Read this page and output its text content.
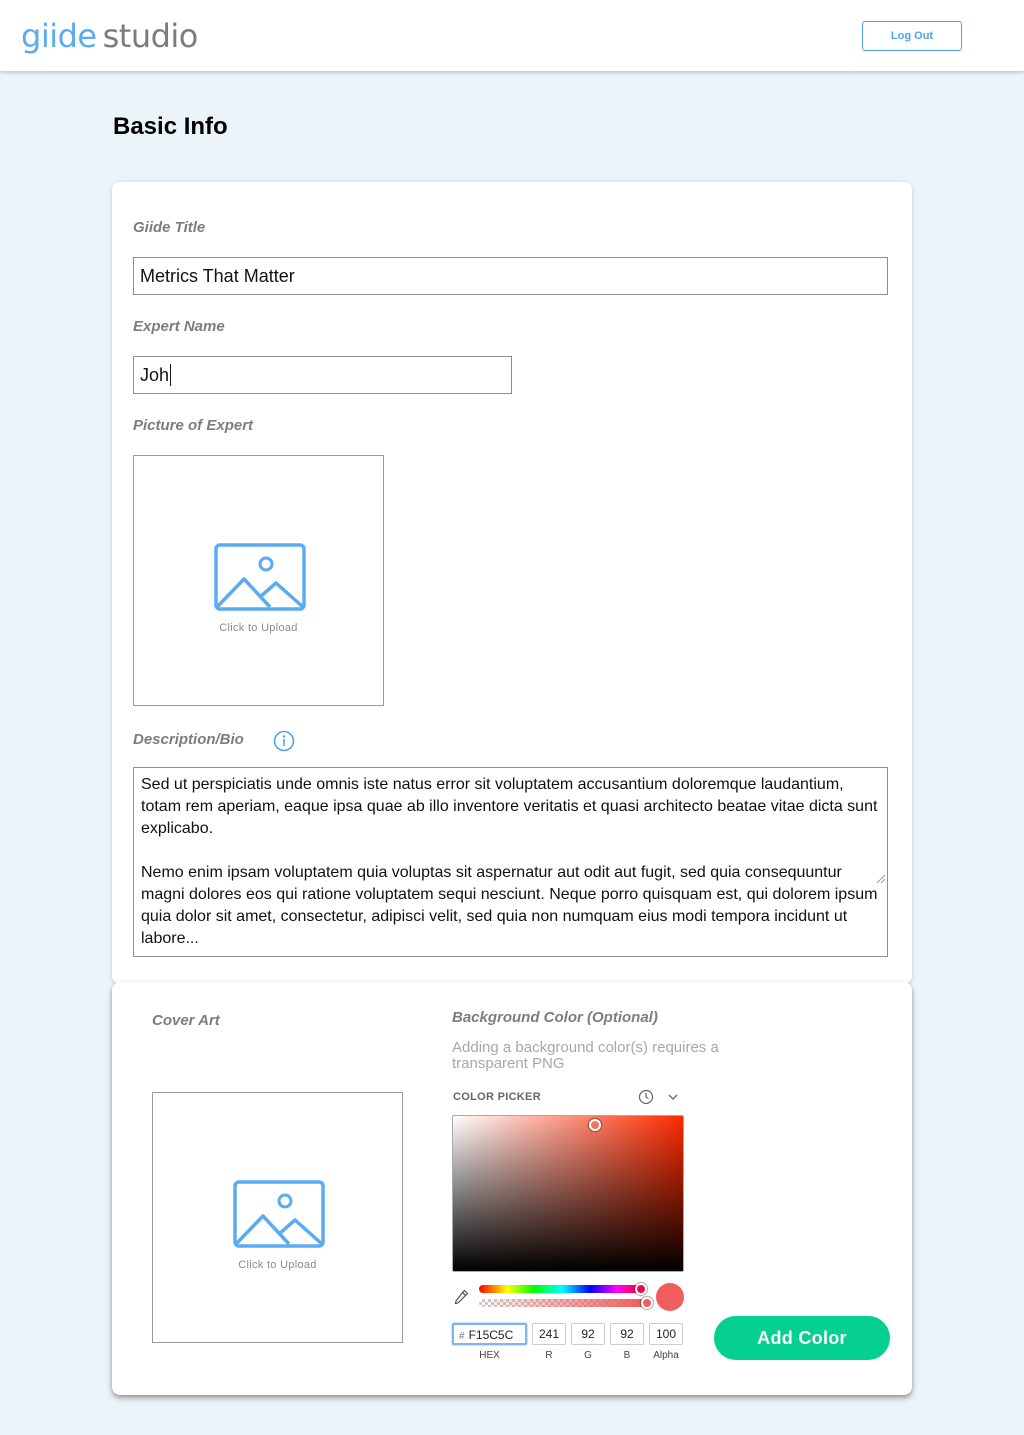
giide studio	Log Out
Basic Info
Giide Title
Metrics That Matter
Expert Name
Joh
Picture of Expert
Click to Upload
Description/Bio

Sed ut perspiciatis unde omnis iste natus error sit voluptatem accusantium doloremque laudantium, totam rem aperiam, eaque ipsa quae ab illo inventore veritatis et quasi architecto beatae vitae dicta sunt explicabo.

Nemo enim ipsam voluptatem quia voluptas sit aspernatur aut odit aut fugit, sed quia consequuntur magni dolores eos qui ratione voluptatem sequi nesciunt. Neque porro quisquam est, qui dolorem ipsum quia dolor sit amet, consectetur, adipisci velit, sed quia non numquam eius modi tempora incidunt ut labore...

Cover Art
Click to Upload
Background Color (Optional)
Adding a background color(s) requires a transparent PNG
COLOR PICKER
# F15C5C	241	92	92	100
HEX	R	G	B	Alpha
Add Color
